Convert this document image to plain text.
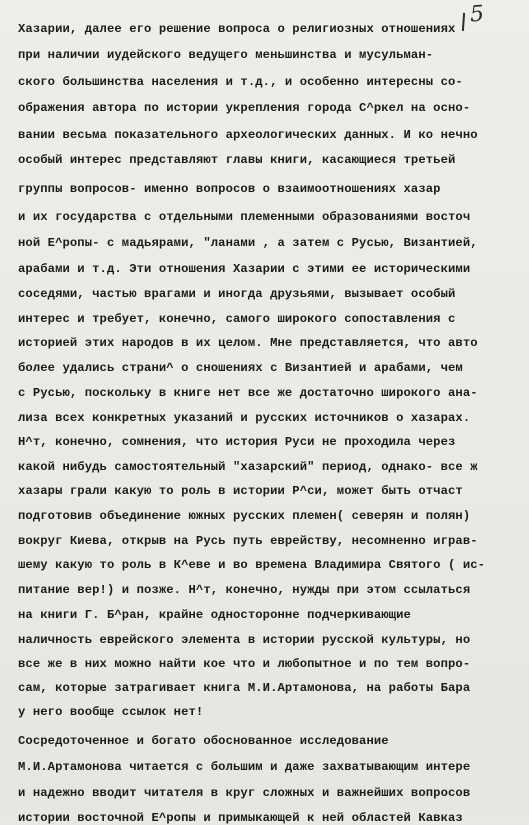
5
Хазарии, далее его решение вопроса о религиозных отношениях
при наличии иудейского ведущего меньшинства и мусульман-
ского большинства населения и т.д., и особенно интересны со-
ображения автора по истории укрепления города С^ркел на осно-
вании весьма показательного археологических данных. И ко нечно
особый интерес представляют главы книги, касающиеся третьей
группы вопросов- именно вопросов о взаимоотношениях хазар
и их государства с отдельными племенными образованиями восточ
ной Е^ропы- с мадьярами, "ланами , а затем с Русью, Византией,
арабами и т.д. Эти отношения Хазарии с этими ее историческими
соседями, частью врагами и иногда друзьями, вызывает особый
интерес и требует, конечно, самого широкого сопоставления с
историей этих народов в их целом. Мне представляется, что авто
более удались страни^ о сношениях с Византией и арабами, чем
с Русью, поскольку в книге нет все же достаточно широкого ана-
лиза всех конкретных указаний и русских источников о хазарах.
Н^т, конечно, сомнения, что история Руси не проходила через
какой нибудь самостоятельный "хазарский" период, однако- все ж
хазары грали какую то роль в истории Р^си, может быть отчаст
подготовив объединение южных русских племен( северян и полян)
вокруг Киева, открыв на Русь путь еврейству, несомненно играв-
шему какую то роль в К^еве и во времена Владимира Святого ( ис-
питание вер!) и позже. Н^т, конечно, нужды при этом ссылаться
на книги Г. Б^ран, крайне односторонне подчеркивающие
наличность еврейского элемента в истории русской культуры, но
все же в них можно найти кое что и любопытное и по тем вопро-
сам, которые затрагивает книга М.И.Артамонова, на работы Бара
у него вообще ссылок нет!
Сосредоточенное и богато обоснованное исследование
М.И.Артамонова читается с большим и даже захватывающим интере
и надежно вводит читателя в круг сложных и важнейших вопросов
истории восточной Е^ропы и примыкающей к ней областей Кавказ
